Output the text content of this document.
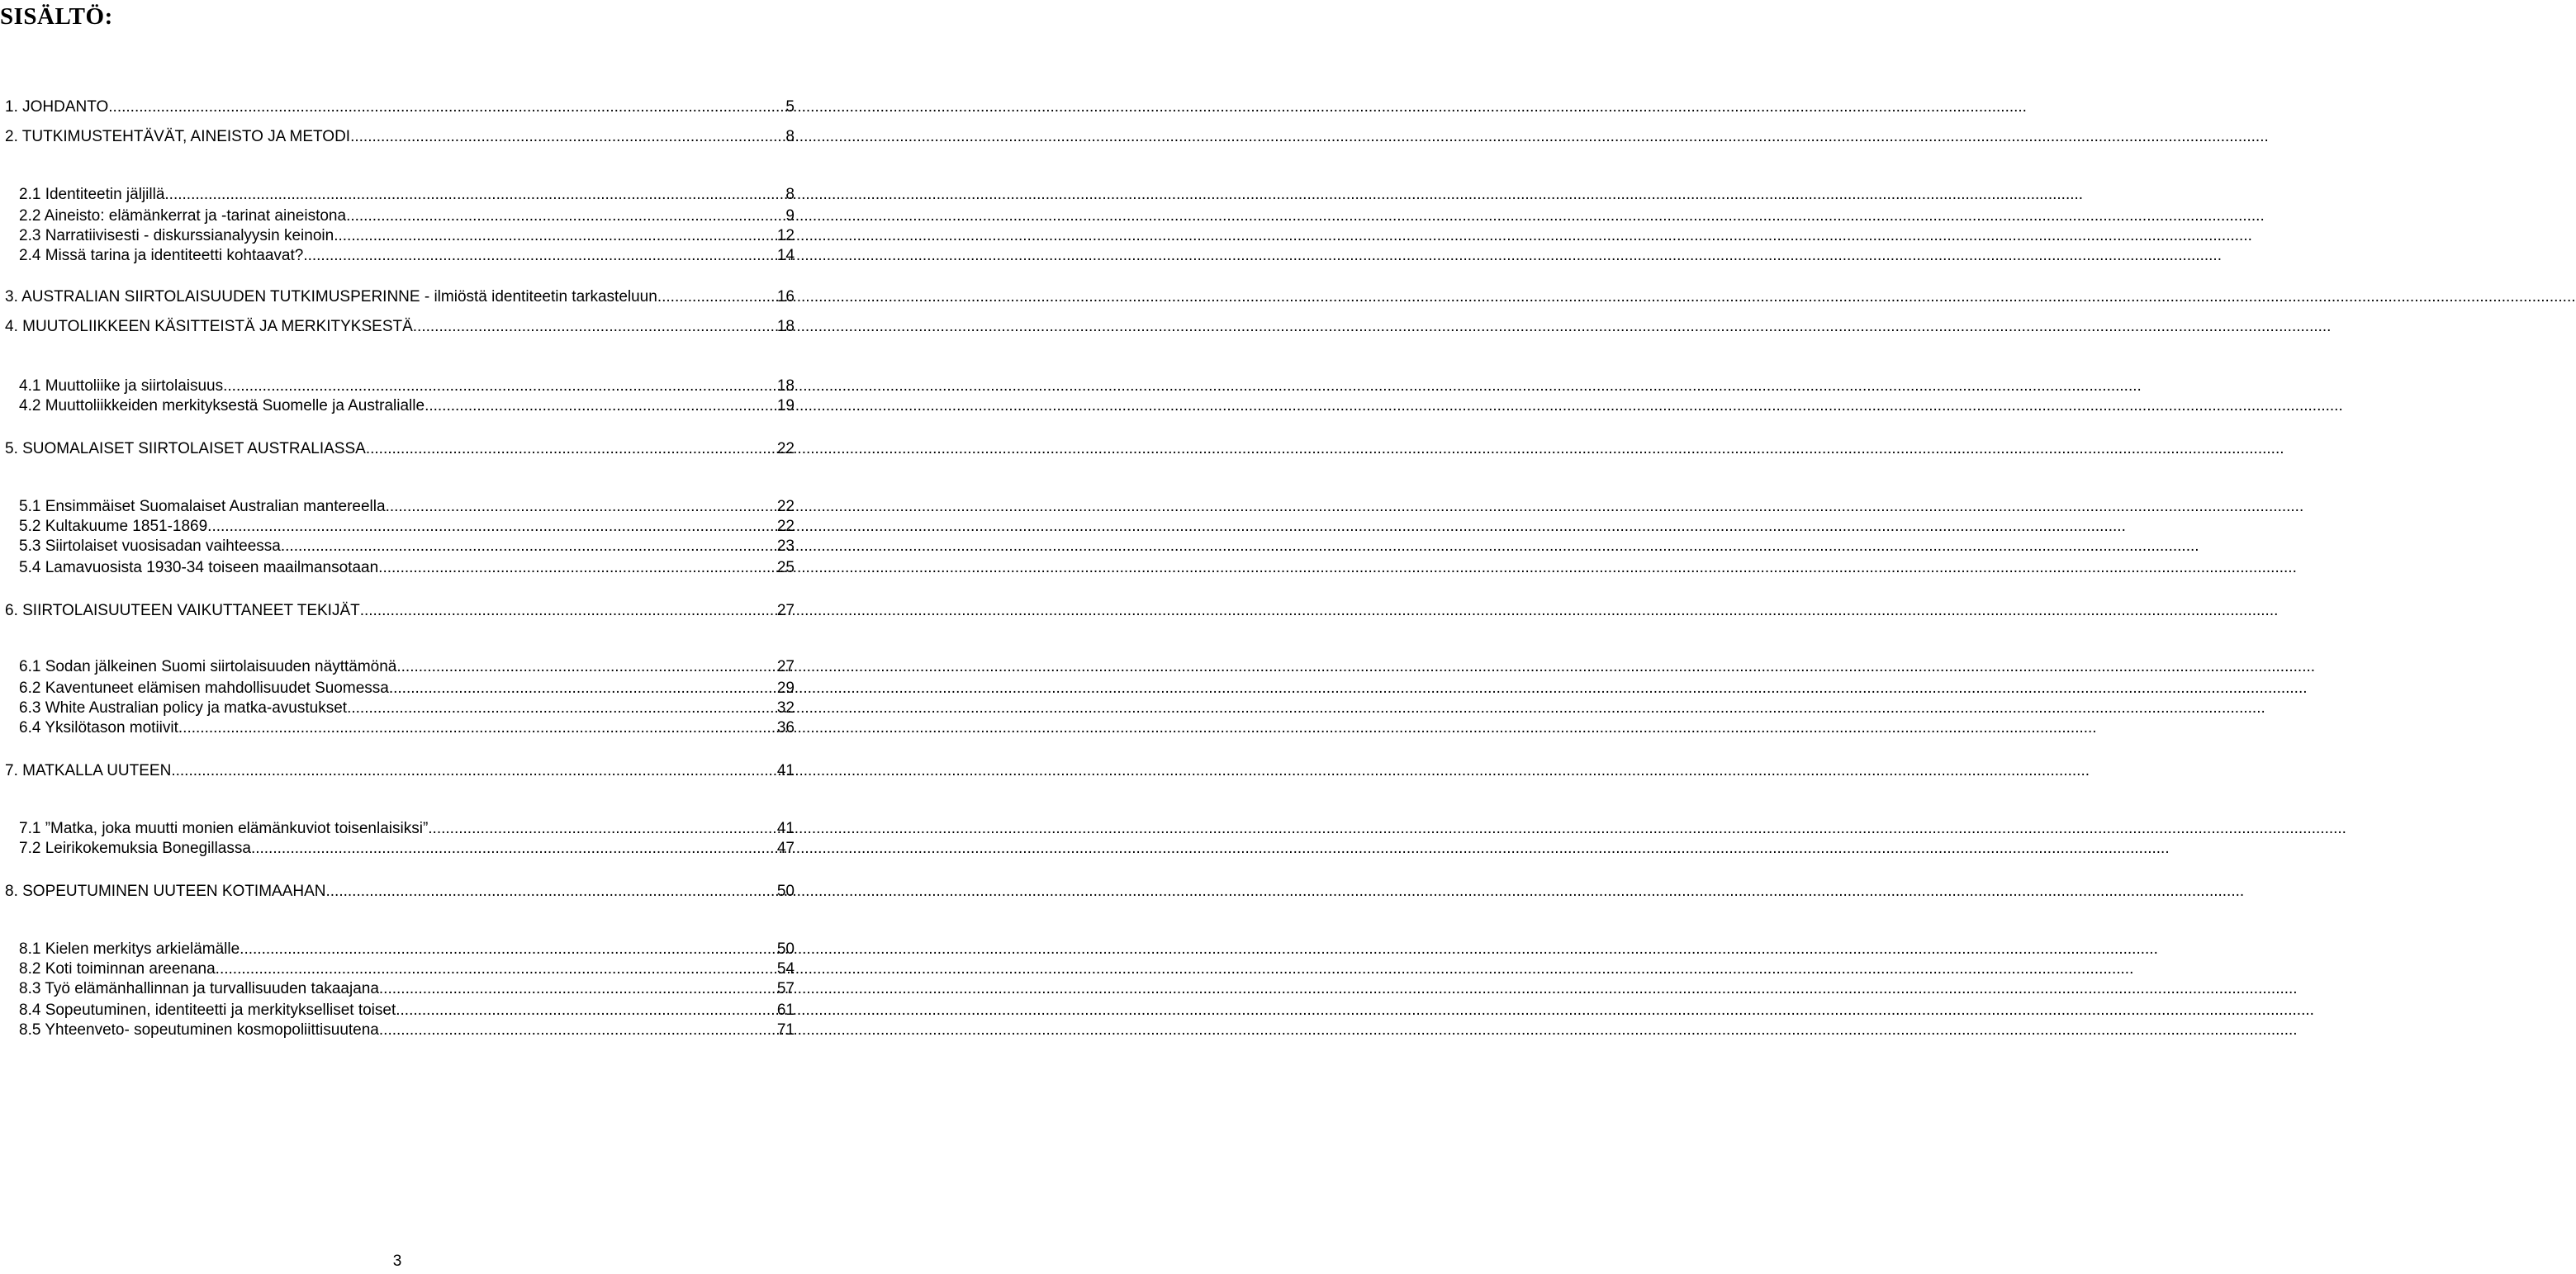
SISÄLTÖ:
1. JOHDANTO .....	5
2. TUTKIMUSTEHTÄVÄT, AINEISTO JA METODI .....	8
2.1 Identiteetin jäljillä .....	8
2.2 Aineisto: elämänkerrat ja -tarinat aineistona .....	9
2.3 Narratiivisesti - diskurssianalyysin keinoin .....	12
2.4 Missä tarina ja identiteetti kohtaavat? .....	14
3. AUSTRALIAN SIIRTOLAISUUDEN TUTKIMUSPERINNE - ilmiöstä identiteetin tarkasteluun .....	16
4. MUUTOLIIKKEEN KÄSITTEISTÄ JA MERKITYKSESTÄ .....	18
4.1 Muuttoliike ja siirtolaisuus .....	18
4.2 Muuttoliikkeiden merkityksestä Suomelle ja Australialle .....	19
5. SUOMALAISET SIIRTOLAISET AUSTRALIASSA .....	22
5.1 Ensimmäiset Suomalaiset Australian mantereella .....	22
5.2 Kultakuume 1851-1869 .....	22
5.3 Siirtolaiset vuosisadan vaihteessa .....	23
5.4 Lamavuosista 1930-34 toiseen maailmansotaan .....	25
6. SIIRTOLAISUUTEEN VAIKUTTANEET TEKIJÄT .....	27
6.1 Sodan jälkeinen Suomi siirtolaisuuden näyttämönä .....	27
6.2 Kaventuneet elämisen mahdollisuudet Suomessa .....	29
6.3 White Australian policy ja matka-avustukset .....	32
6.4 Yksilötason motiivit .....	36
7. MATKALLA UUTEEN .....	41
7.1 ”Matka, joka muutti monien elämänkuviot toisenlaisiksi” .....	41
7.2 Leirikokemuksia Bonegillassa .....	47
8. SOPEUTUMINEN UUTEEN KOTIMAAHAN .....	50
8.1 Kielen merkitys arkielämälle .....	50
8.2 Koti toiminnan areenana .....	54
8.3 Työ elämänhallinnan ja turvallisuuden takaajana .....	57
8.4 Sopeutuminen, identiteetti ja merkitykselliset toiset .....	61
8.5 Yhteenveto- sopeutuminen kosmopoliittisuutena .....	71
3
